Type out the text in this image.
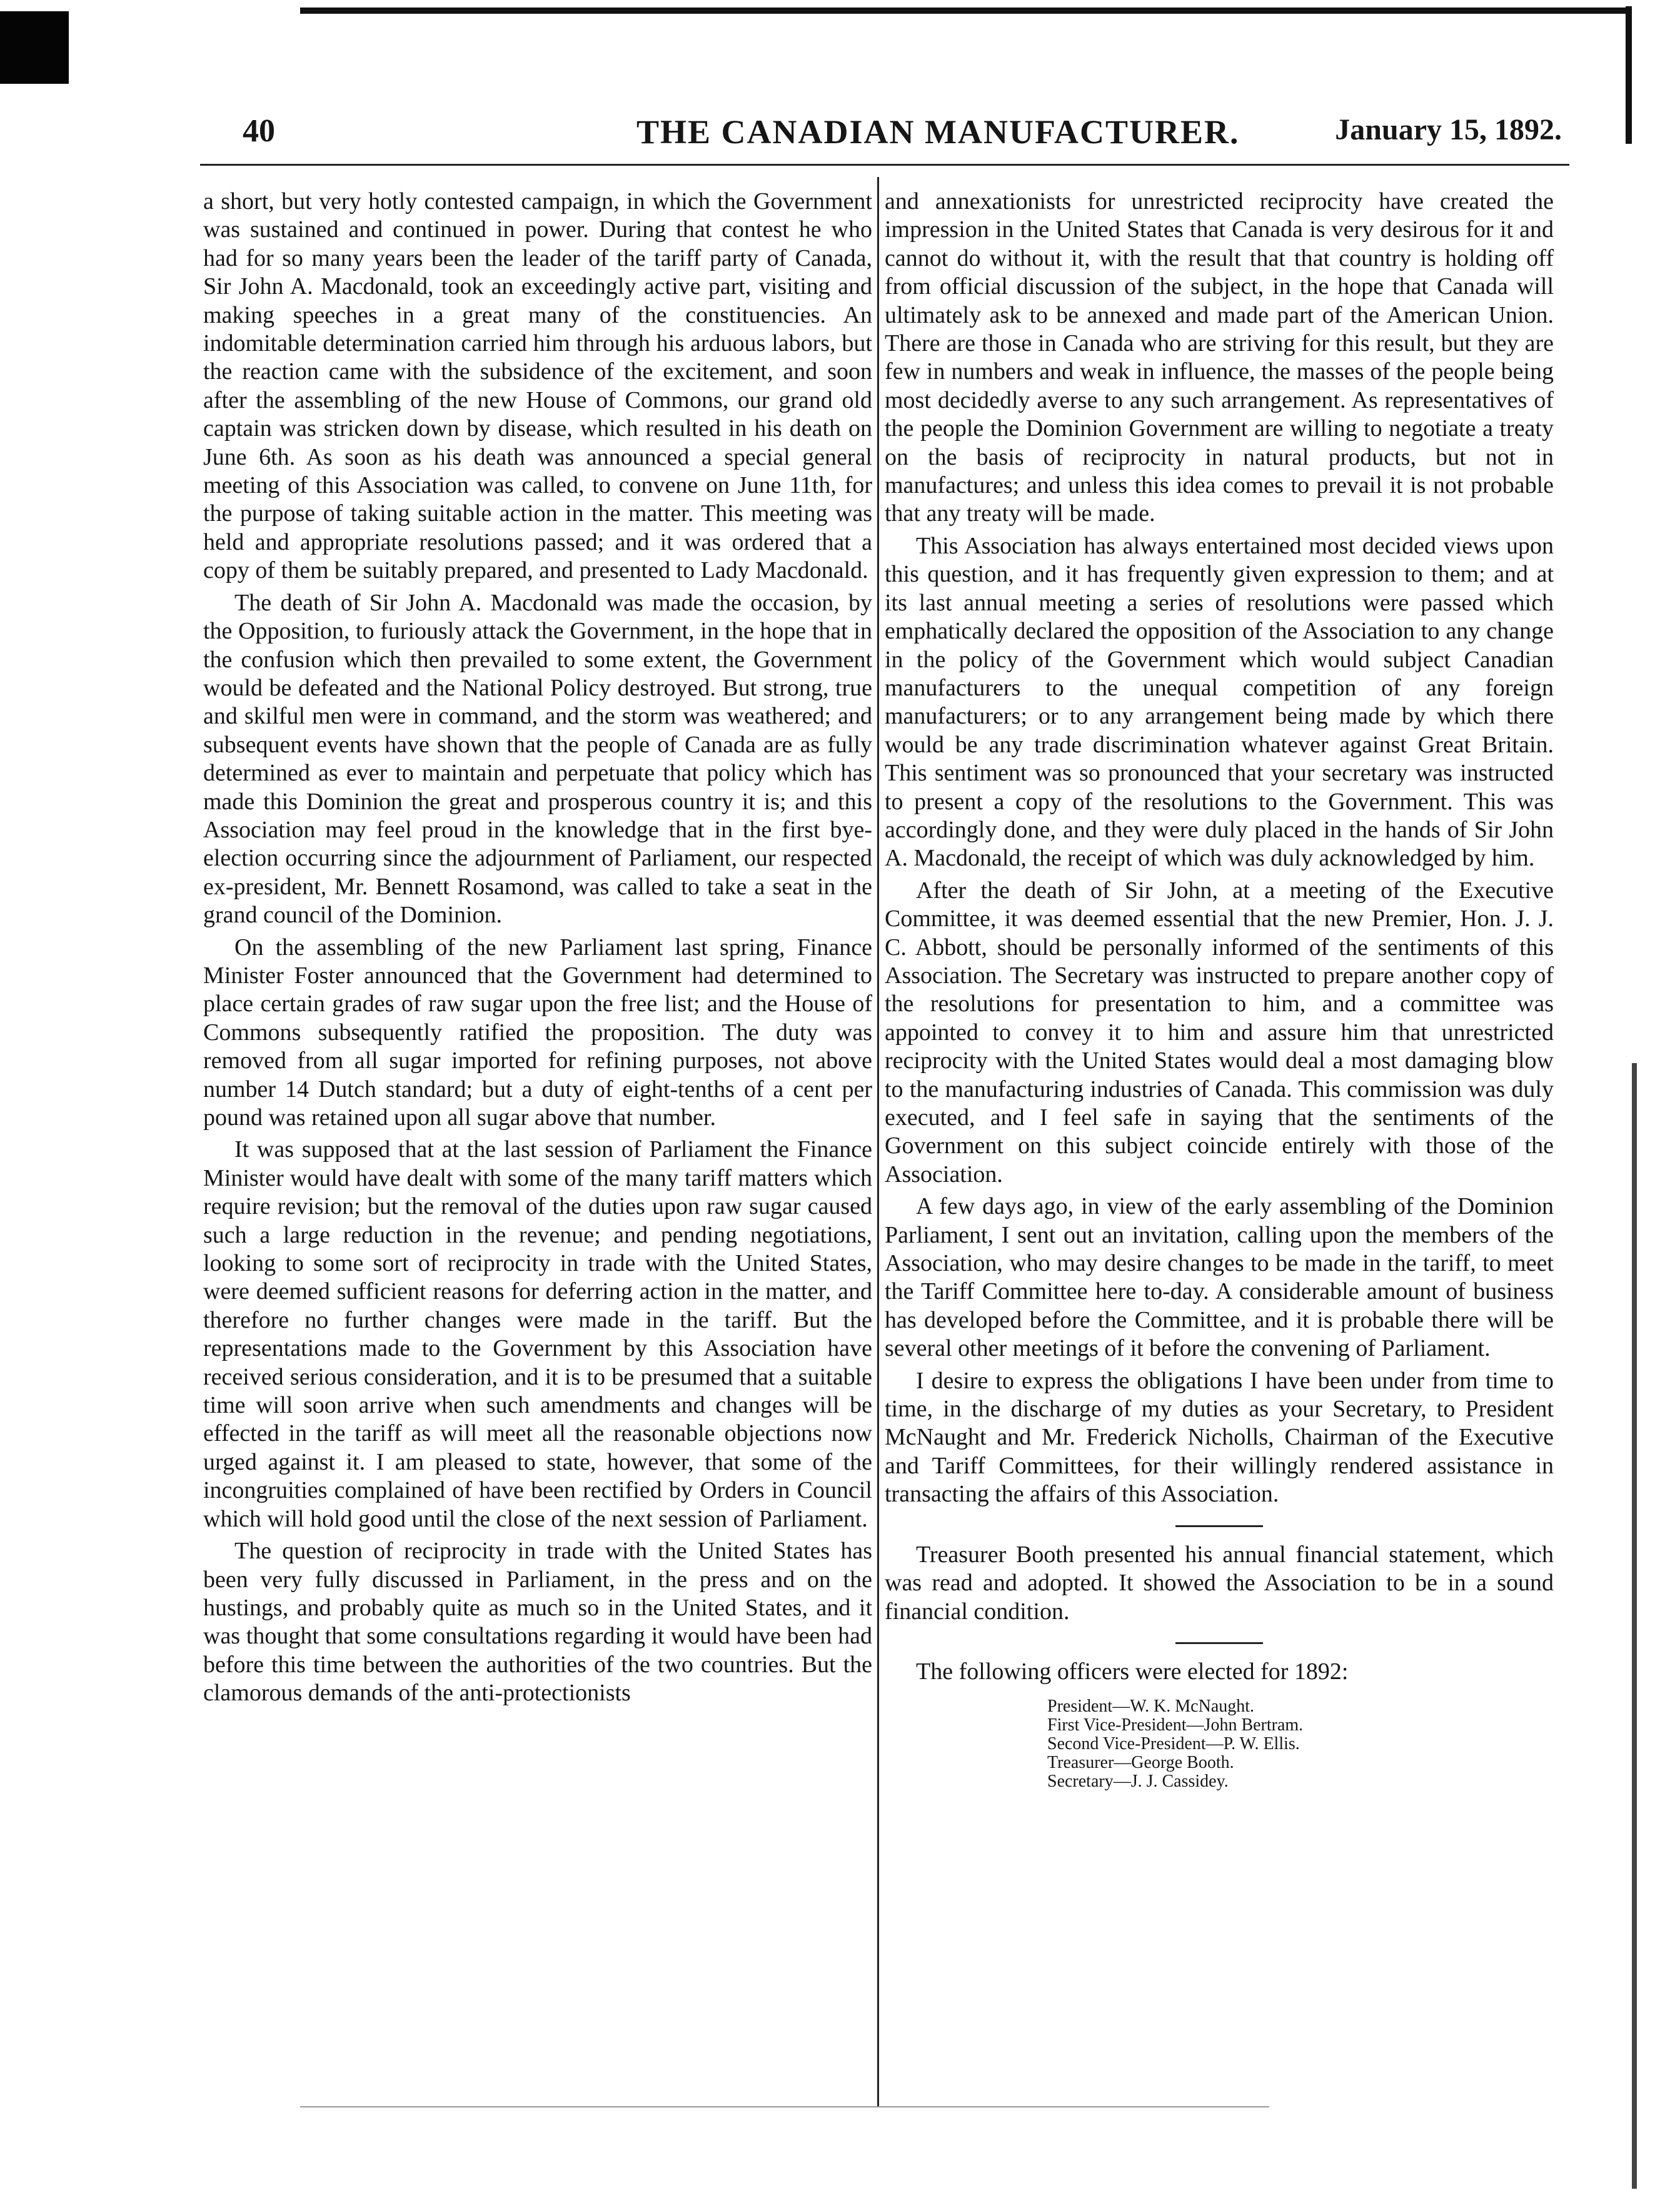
40	THE CANADIAN MANUFACTURER.	January 15, 1892.

a short, but very hotly contested campaign, in which the Government was sustained and continued in power. During that contest he who had for so many years been the leader of the tariff party of Canada, Sir John A. Macdonald, took an exceedingly active part, visiting and making speeches in a great many of the constituencies. An indomitable determination carried him through his arduous labors, but the reaction came with the subsidence of the excitement, and soon after the assembling of the new House of Commons, our grand old captain was stricken down by disease, which resulted in his death on June 6th. As soon as his death was announced a special general meeting of this Association was called, to convene on June 11th, for the purpose of taking suitable action in the matter. This meeting was held and appropriate resolutions passed; and it was ordered that a copy of them be suitably prepared, and presented to Lady Macdonald.

The death of Sir John A. Macdonald was made the occasion, by the Opposition, to furiously attack the Government, in the hope that in the confusion which then prevailed to some extent, the Government would be defeated and the National Policy destroyed. But strong, true and skilful men were in command, and the storm was weathered; and subsequent events have shown that the people of Canada are as fully determined as ever to maintain and perpetuate that policy which has made this Dominion the great and prosperous country it is; and this Association may feel proud in the knowledge that in the first bye-election occurring since the adjournment of Parliament, our respected ex-president, Mr. Bennett Rosamond, was called to take a seat in the grand council of the Dominion.

On the assembling of the new Parliament last spring, Finance Minister Foster announced that the Government had determined to place certain grades of raw sugar upon the free list; and the House of Commons subsequently ratified the proposition. The duty was removed from all sugar imported for refining purposes, not above number 14 Dutch standard; but a duty of eight-tenths of a cent per pound was retained upon all sugar above that number.

It was supposed that at the last session of Parliament the Finance Minister would have dealt with some of the many tariff matters which require revision; but the removal of the duties upon raw sugar caused such a large reduction in the revenue; and pending negotiations, looking to some sort of reciprocity in trade with the United States, were deemed sufficient reasons for deferring action in the matter, and therefore no further changes were made in the tariff. But the representations made to the Government by this Association have received serious consideration, and it is to be presumed that a suitable time will soon arrive when such amendments and changes will be effected in the tariff as will meet all the reasonable objections now urged against it. I am pleased to state, however, that some of the incongruities complained of have been rectified by Orders in Council which will hold good until the close of the next session of Parliament.

The question of reciprocity in trade with the United States has been very fully discussed in Parliament, in the press and on the hustings, and probably quite as much so in the United States, and it was thought that some consultations regarding it would have been had before this time between the authorities of the two countries. But the clamorous demands of the anti-protectionists

and annexationists for unrestricted reciprocity have created the impression in the United States that Canada is very desirous for it and cannot do without it, with the result that that country is holding off from official discussion of the subject, in the hope that Canada will ultimately ask to be annexed and made part of the American Union. There are those in Canada who are striving for this result, but they are few in numbers and weak in influence, the masses of the people being most decidedly averse to any such arrangement. As representatives of the people the Dominion Government are willing to negotiate a treaty on the basis of reciprocity in natural products, but not in manufactures; and unless this idea comes to prevail it is not probable that any treaty will be made.

This Association has always entertained most decided views upon this question, and it has frequently given expression to them; and at its last annual meeting a series of resolutions were passed which emphatically declared the opposition of the Association to any change in the policy of the Government which would subject Canadian manufacturers to the unequal competition of any foreign manufacturers; or to any arrangement being made by which there would be any trade discrimination whatever against Great Britain. This sentiment was so pronounced that your secretary was instructed to present a copy of the resolutions to the Government. This was accordingly done, and they were duly placed in the hands of Sir John A. Macdonald, the receipt of which was duly acknowledged by him.

After the death of Sir John, at a meeting of the Executive Committee, it was deemed essential that the new Premier, Hon. J. J. C. Abbott, should be personally informed of the sentiments of this Association. The Secretary was instructed to prepare another copy of the resolutions for presentation to him, and a committee was appointed to convey it to him and assure him that unrestricted reciprocity with the United States would deal a most damaging blow to the manufacturing industries of Canada. This commission was duly executed, and I feel safe in saying that the sentiments of the Government on this subject coincide entirely with those of the Association.

A few days ago, in view of the early assembling of the Dominion Parliament, I sent out an invitation, calling upon the members of the Association, who may desire changes to be made in the tariff, to meet the Tariff Committee here to-day. A considerable amount of business has developed before the Committee, and it is probable there will be several other meetings of it before the convening of Parliament.

I desire to express the obligations I have been under from time to time, in the discharge of my duties as your Secretary, to President McNaught and Mr. Frederick Nicholls, Chairman of the Executive and Tariff Committees, for their willingly rendered assistance in transacting the affairs of this Association.

Treasurer Booth presented his annual financial statement, which was read and adopted. It showed the Association to be in a sound financial condition.

The following officers were elected for 1892:

President—W. K. McNaught.
First Vice-President—John Bertram.
Second Vice-President—P. W. Ellis.
Treasurer—George Booth.
Secretary—J. J. Cassidey.
